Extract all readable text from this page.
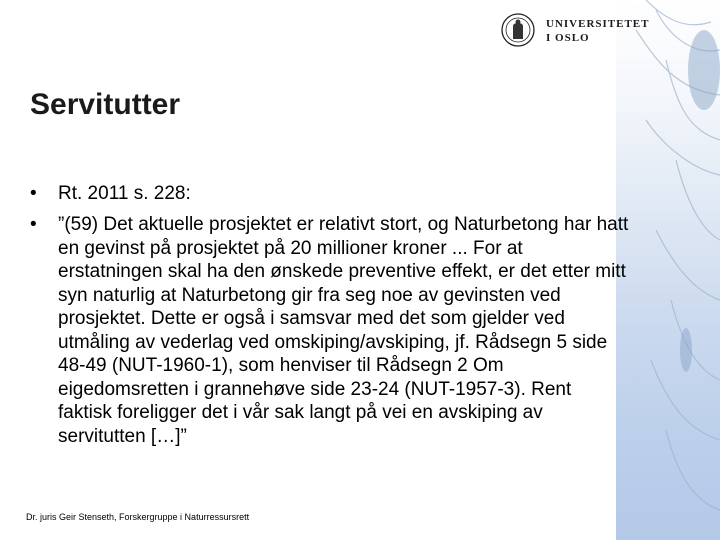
UNIVERSITETET
I OSLO
Servitutter
•	Rt. 2011 s. 228:
•	”(59) Det aktuelle prosjektet er relativt stort, og Naturbetong har hatt en gevinst på prosjektet på 20 millioner kroner ... For at erstatningen skal ha den ønskede preventive effekt, er det etter mitt syn naturlig at Naturbetong gir fra seg noe av gevinsten ved prosjektet. Dette er også i samsvar med det som gjelder ved utmåling av vederlag ved omskiping/avskiping, jf. Rådsegn 5 side 48-49 (NUT-1960-1), som henviser til Rådsegn 2 Om eigedomsretten i grannehøve side 23-24 (NUT-1957-3). Rent faktisk foreligger det i vår sak langt på vei en avskiping av servitutten […]”
Dr. juris Geir Stenseth, Forskergruppe i Naturressursrett
